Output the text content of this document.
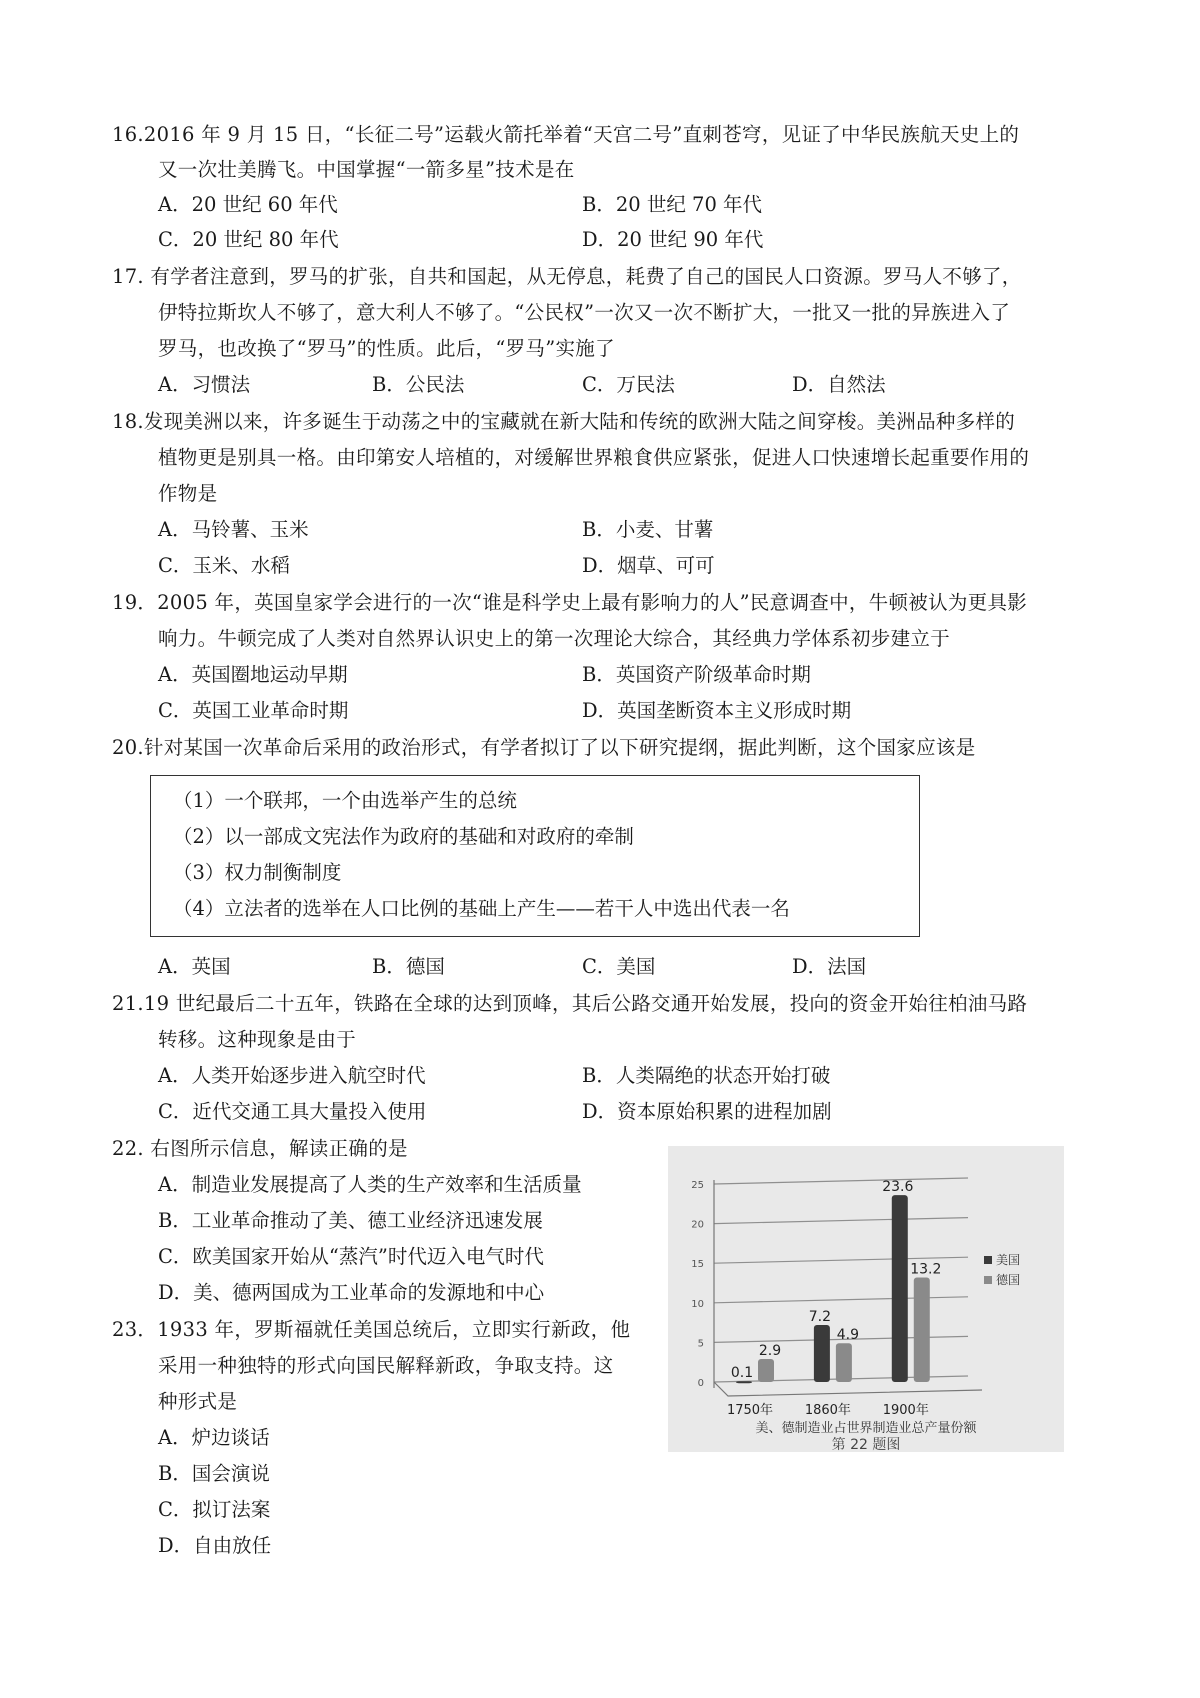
16.2016 年 9 月 15 日，“长征二号”运载火箭托举着“天宫二号”直刺苍穹，见证了中华民族航天史上的
又一次壮美腾飞。中国掌握“一箭多星”技术是在
A．20 世纪 60 年代	B．20 世纪 70 年代
C．20 世纪 80 年代	D．20 世纪 90 年代
17. 有学者注意到，罗马的扩张，自共和国起，从无停息，耗费了自己的国民人口资源。罗马人不够了，
伊特拉斯坎人不够了，意大利人不够了。“公民权”一次又一次不断扩大，一批又一批的异族进入了
罗马，也改换了“罗马”的性质。此后，“罗马”实施了
A．习惯法	B．公民法	C．万民法	D．自然法
18.发现美洲以来，许多诞生于动荡之中的宝藏就在新大陆和传统的欧洲大陆之间穿梭。美洲品种多样的
植物更是别具一格。由印第安人培植的，对缓解世界粮食供应紧张，促进人口快速增长起重要作用的
作物是
A．马铃薯、玉米	B．小麦、甘薯
C．玉米、水稻	D．烟草、可可
19．2005 年，英国皇家学会进行的一次“谁是科学史上最有影响力的人”民意调查中，牛顿被认为更具影
响力。牛顿完成了人类对自然界认识史上的第一次理论大综合，其经典力学体系初步建立于
A．英国圈地运动早期	B．英国资产阶级革命时期
C．英国工业革命时期	D．英国垄断资本主义形成时期
20.针对某国一次革命后采用的政治形式，有学者拟订了以下研究提纲，据此判断，这个国家应该是
（1）一个联邦，一个由选举产生的总统
（2）以一部成文宪法作为政府的基础和对政府的牵制
（3）权力制衡制度
（4）立法者的选举在人口比例的基础上产生——若干人中选出代表一名
A．英国	B．德国	C．美国	D．法国
21.19 世纪最后二十五年，铁路在全球的达到顶峰，其后公路交通开始发展，投向的资金开始往柏油马路
转移。这种现象是由于
A．人类开始逐步进入航空时代	B．人类隔绝的状态开始打破
C．近代交通工具大量投入使用	D．资本原始积累的进程加剧
22. 右图所示信息，解读正确的是
A．制造业发展提高了人类的生产效率和生活质量
B．工业革命推动了美、德工业经济迅速发展
C．欧美国家开始从“蒸汽”时代迈入电气时代
D．美、德两国成为工业革命的发源地和中心
23．1933 年，罗斯福就任美国总统后，立即实行新政，他
采用一种独特的形式向国民解释新政，争取支持。这
种形式是
A．炉边谈话
B．国会演说
C．拟订法案
D．自由放任
0
5
10
15
20
25
0.1
2.9
1750年
7.2
4.9
1860年
23.6
13.2
1900年
美国
德国
美、德制造业占世界制造业总产量份额
第 22 题图
